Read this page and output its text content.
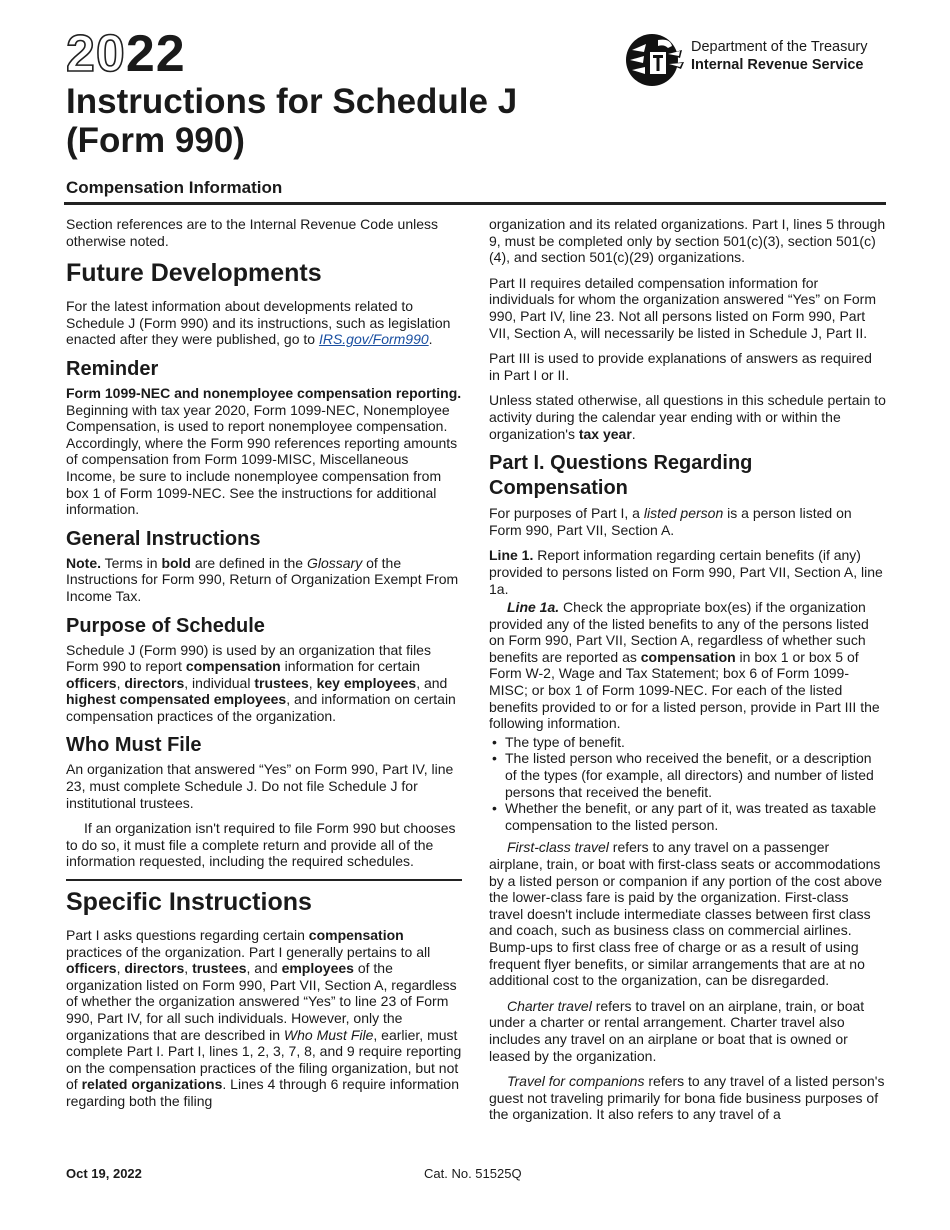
2022
Instructions for Schedule J
(Form 990)
Compensation Information
Department of the Treasury
Internal Revenue Service

Section references are to the Internal Revenue Code unless otherwise noted.

Future Developments

For the latest information about developments related to Schedule J (Form 990) and its instructions, such as legislation enacted after they were published, go to IRS.gov/Form990.

Reminder

Form 1099-NEC and nonemployee compensation reporting. Beginning with tax year 2020, Form 1099-NEC, Nonemployee Compensation, is used to report nonemployee compensation. Accordingly, where the Form 990 references reporting amounts of compensation from Form 1099-MISC, Miscellaneous Income, be sure to include nonemployee compensation from box 1 of Form 1099-NEC. See the instructions for additional information.

General Instructions

Note. Terms in bold are defined in the Glossary of the Instructions for Form 990, Return of Organization Exempt From Income Tax.

Purpose of Schedule

Schedule J (Form 990) is used by an organization that files Form 990 to report compensation information for certain officers, directors, individual trustees, key employees, and highest compensated employees, and information on certain compensation practices of the organization.

Who Must File

An organization that answered “Yes” on Form 990, Part IV, line 23, must complete Schedule J. Do not file Schedule J for institutional trustees.

If an organization isn't required to file Form 990 but chooses to do so, it must file a complete return and provide all of the information requested, including the required schedules.

Specific Instructions

Part I asks questions regarding certain compensation practices of the organization. Part I generally pertains to all officers, directors, trustees, and employees of the organization listed on Form 990, Part VII, Section A, regardless of whether the organization answered “Yes” to line 23 of Form 990, Part IV, for all such individuals. However, only the organizations that are described in Who Must File, earlier, must complete Part I. Part I, lines 1, 2, 3, 7, 8, and 9 require reporting on the compensation practices of the filing organization, but not of related organizations. Lines 4 through 6 require information regarding both the filing

organization and its related organizations. Part I, lines 5 through 9, must be completed only by section 501(c)(3), section 501(c)(4), and section 501(c)(29) organizations.

Part II requires detailed compensation information for individuals for whom the organization answered “Yes” on Form 990, Part IV, line 23. Not all persons listed on Form 990, Part VII, Section A, will necessarily be listed in Schedule J, Part II.

Part III is used to provide explanations of answers as required in Part I or II.

Unless stated otherwise, all questions in this schedule pertain to activity during the calendar year ending with or within the organization's tax year.

Part I. Questions Regarding
Compensation

For purposes of Part I, a listed person is a person listed on Form 990, Part VII, Section A.

Line 1. Report information regarding certain benefits (if any) provided to persons listed on Form 990, Part VII, Section A, line 1a.

Line 1a. Check the appropriate box(es) if the organization provided any of the listed benefits to any of the persons listed on Form 990, Part VII, Section A, regardless of whether such benefits are reported as compensation in box 1 or box 5 of Form W-2, Wage and Tax Statement; box 6 of Form 1099-MISC; or box 1 of Form 1099-NEC. For each of the listed benefits provided to or for a listed person, provide in Part III the following information.

• The type of benefit.

• The listed person who received the benefit, or a description of the types (for example, all directors) and number of listed persons that received the benefit.

• Whether the benefit, or any part of it, was treated as taxable compensation to the listed person.

First-class travel refers to any travel on a passenger airplane, train, or boat with first-class seats or accommodations by a listed person or companion if any portion of the cost above the lower-class fare is paid by the organization. First-class travel doesn't include intermediate classes between first class and coach, such as business class on commercial airlines. Bump-ups to first class free of charge or as a result of using frequent flyer benefits, or similar arrangements that are at no additional cost to the organization, can be disregarded.

Charter travel refers to travel on an airplane, train, or boat under a charter or rental arrangement. Charter travel also includes any travel on an airplane or boat that is owned or leased by the organization.

Travel for companions refers to any travel of a listed person's guest not traveling primarily for bona fide business purposes of the organization. It also refers to any travel of a

Oct 19, 2022	Cat. No. 51525Q
